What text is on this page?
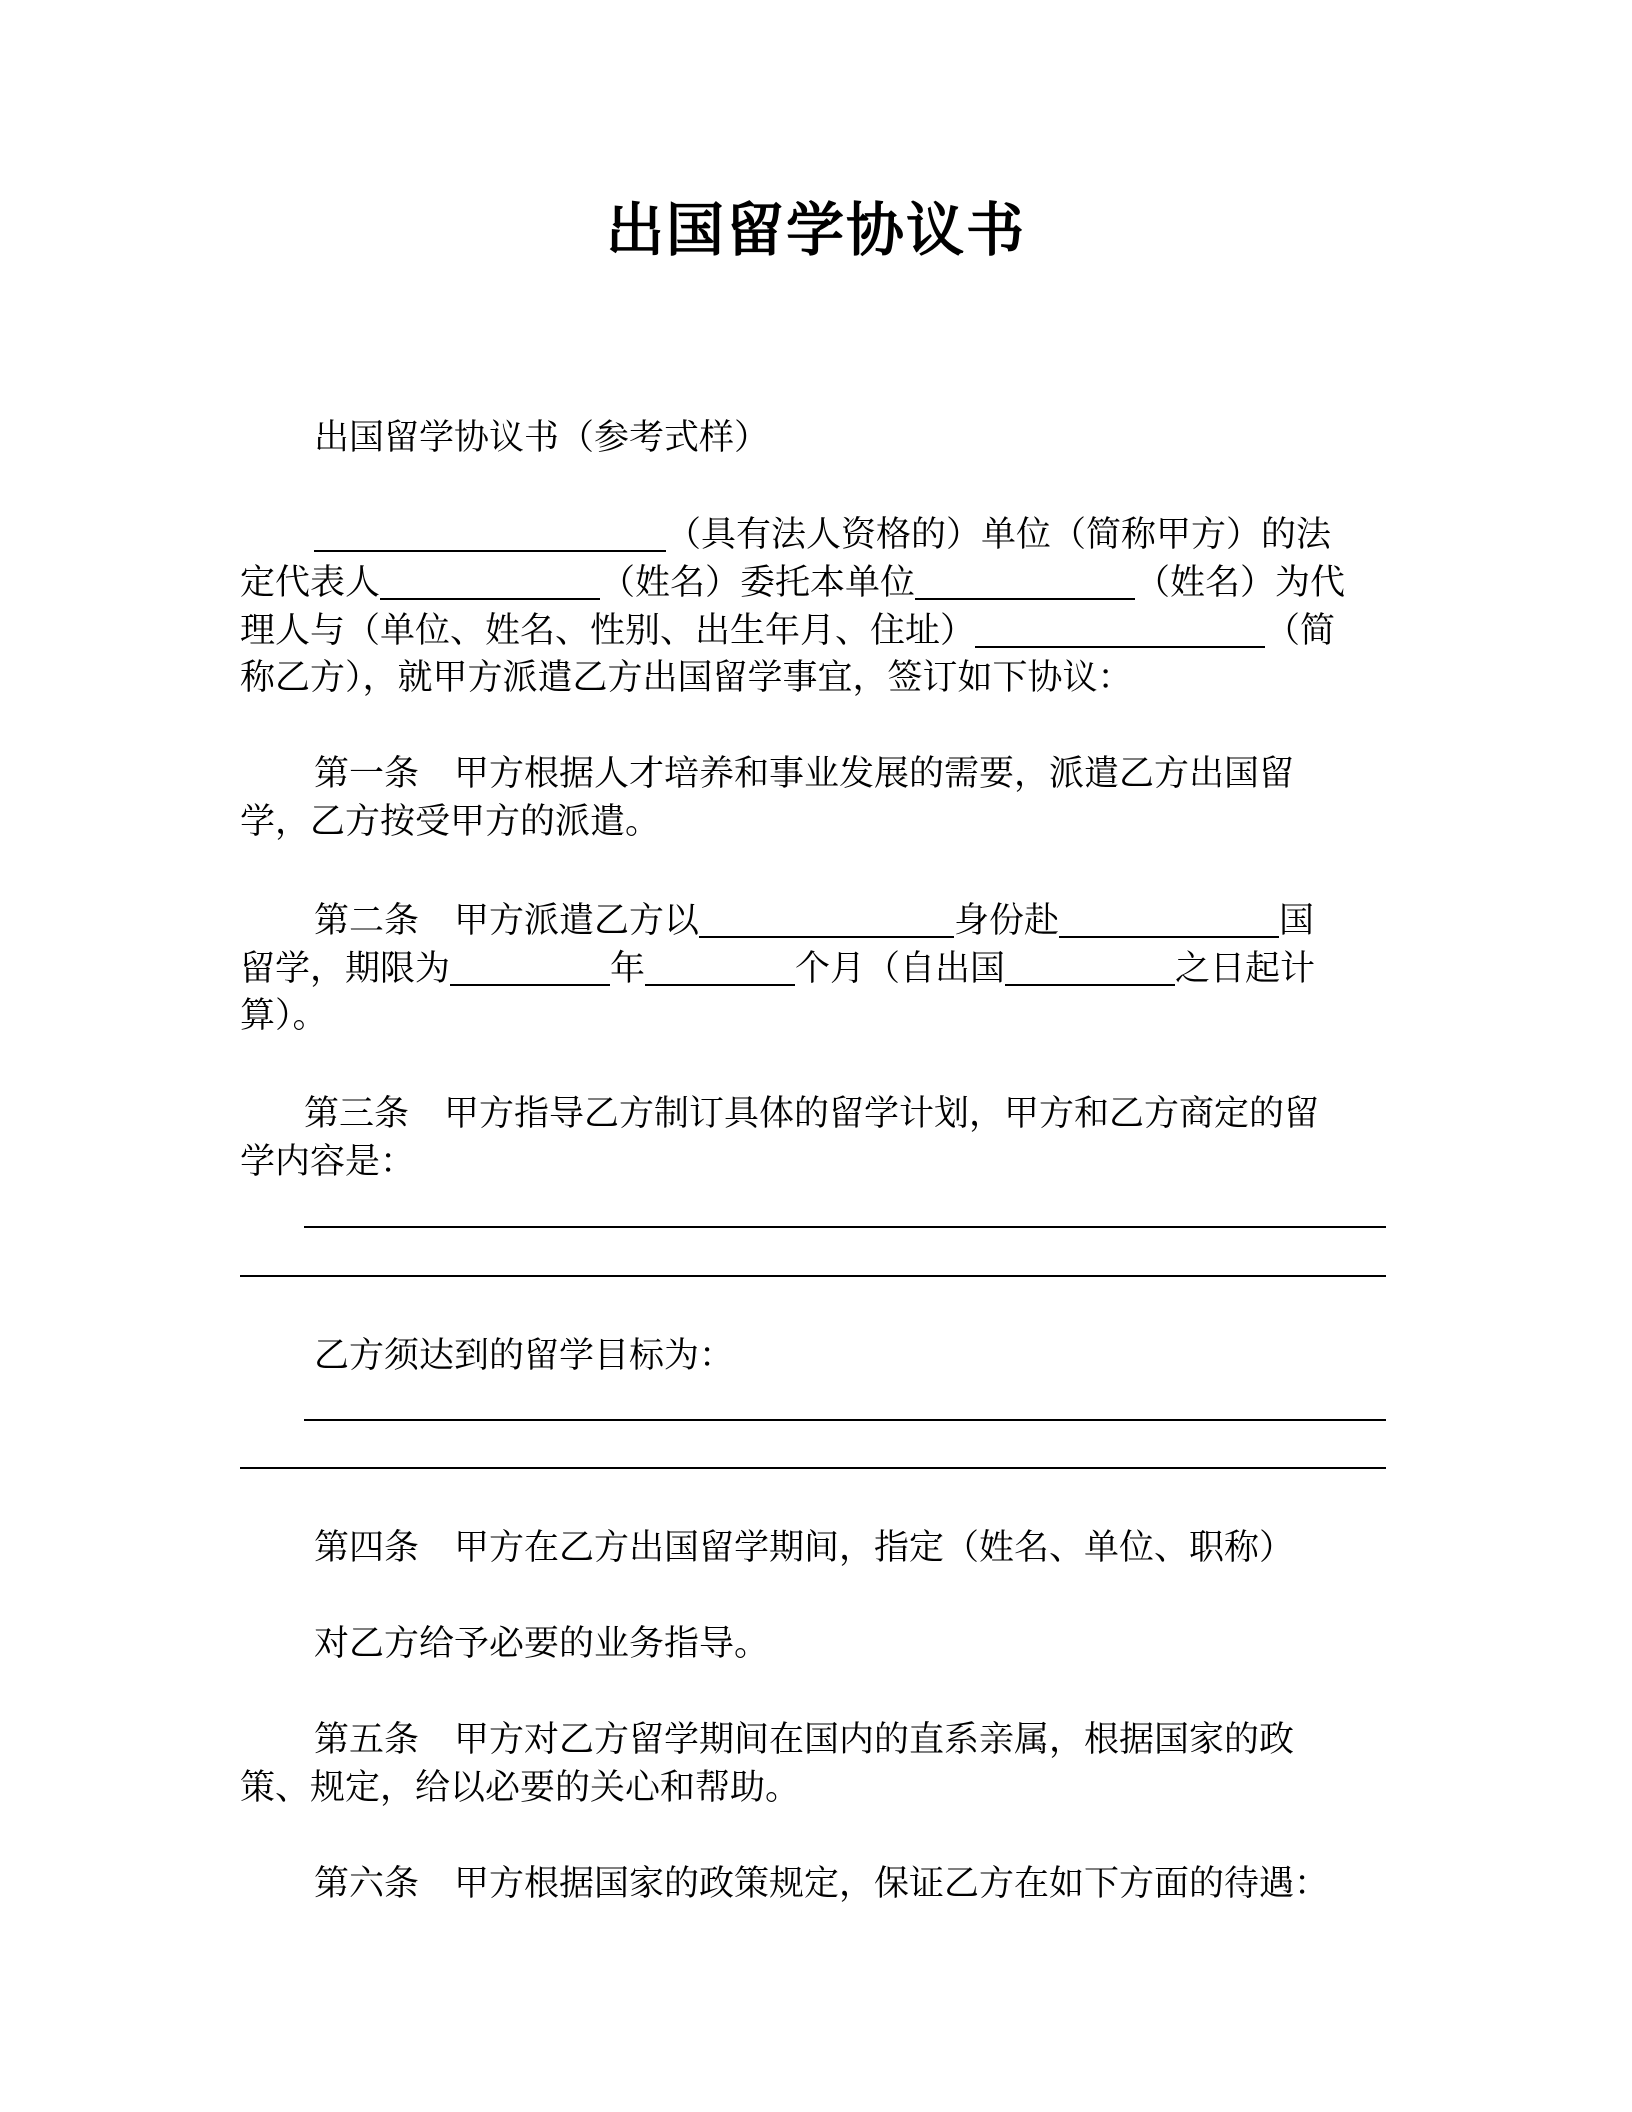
出国留学协议书
出国留学协议书（参考式样）
（具有法人资格的）单位（简称甲方）的法
定代表人	（姓名）委托本单位	（姓名）为代
理人与（单位、姓名、性别、出生年月、住址）	（简
称乙方），就甲方派遣乙方出国留学事宜，签订如下协议：
第一条　甲方根据人才培养和事业发展的需要，派遣乙方出国留
学，乙方按受甲方的派遣。
第二条　甲方派遣乙方以	身份赴	国
留学，期限为	年	个月（自出国	之日起计
算）。
第三条　甲方指导乙方制订具体的留学计划，甲方和乙方商定的留
学内容是：
乙方须达到的留学目标为：
第四条　甲方在乙方出国留学期间，指定（姓名、单位、职称）
对乙方给予必要的业务指导。
第五条　甲方对乙方留学期间在国内的直系亲属，根据国家的政
策、规定，给以必要的关心和帮助。
第六条　甲方根据国家的政策规定，保证乙方在如下方面的待遇：
